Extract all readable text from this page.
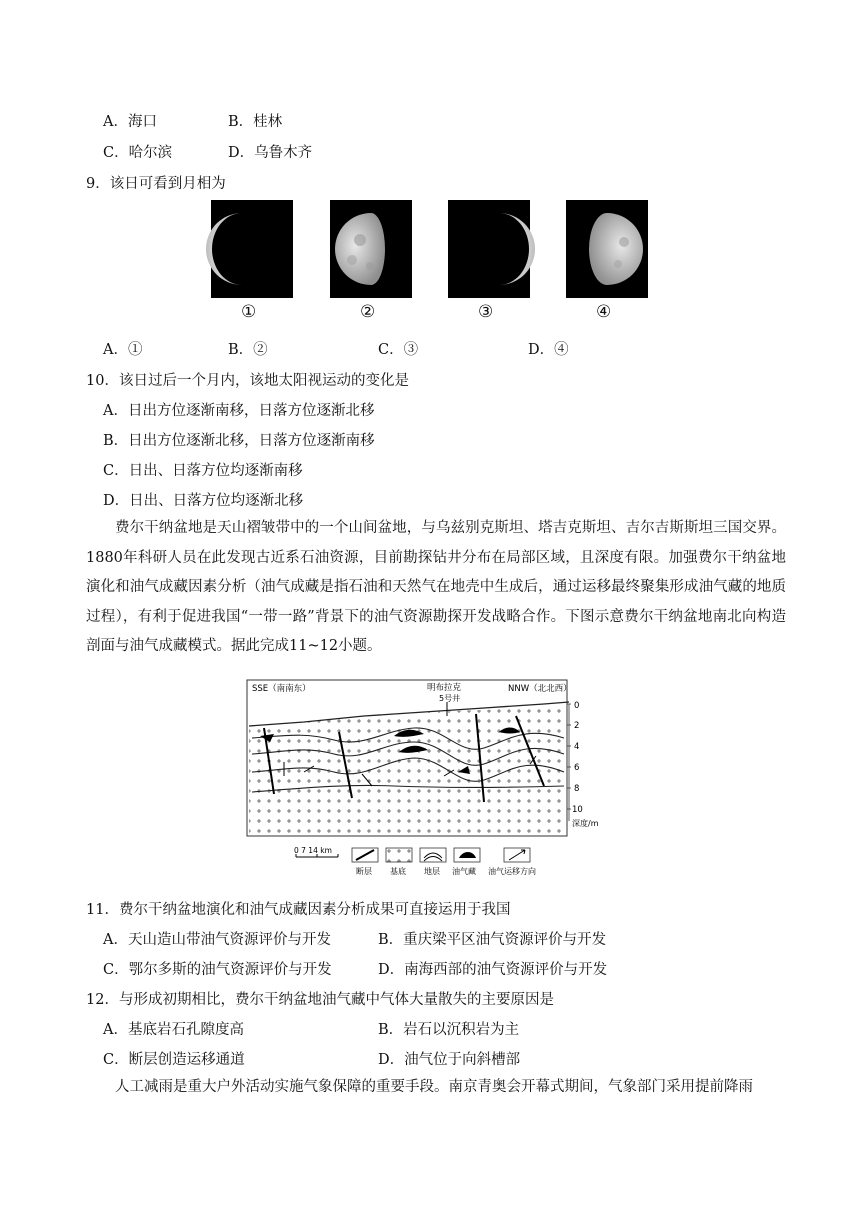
A．海口	B．桂林
C．哈尔滨	D．乌鲁木齐
9．该日可看到月相为
①	②	③	④
A．①	B．②	C．③	D．④
10．该日过后一个月内，该地太阳视运动的变化是
A．日出方位逐渐南移，日落方位逐渐北移
B．日出方位逐渐北移，日落方位逐渐南移
C．日出、日落方位均逐渐南移
D．日出、日落方位均逐渐北移
费尔干纳盆地是天山褶皱带中的一个山间盆地，与乌兹别克斯坦、塔吉克斯坦、吉尔吉斯斯坦三国交界。1880年科研人员在此发现古近系石油资源，目前勘探钻井分布在局部区域，且深度有限。加强费尔干纳盆地演化和油气成藏因素分析（油气成藏是指石油和天然气在地壳中生成后，通过运移最终聚集形成油气藏的地质过程），有利于促进我国“一带一路”背景下的油气资源勘探开发战略合作。下图示意费尔干纳盆地南北向构造剖面与油气成藏模式。据此完成11~12小题。
SSE（南南东）	明布拉克
5号井
NNW（北北西）
0
2
4
6
8
10
深度/m
0 7 14 km
断层 基底 地层 油气藏 油气运移方向
11．费尔干纳盆地演化和油气成藏因素分析成果可直接运用于我国
A．天山造山带油气资源评价与开发	B．重庆梁平区油气资源评价与开发
C．鄂尔多斯的油气资源评价与开发	D．南海西部的油气资源评价与开发
12．与形成初期相比，费尔干纳盆地油气藏中气体大量散失的主要原因是
A．基底岩石孔隙度高	B．岩石以沉积岩为主
C．断层创造运移通道	D．油气位于向斜槽部
人工减雨是重大户外活动实施气象保障的重要手段。南京青奥会开幕式期间，气象部门采用提前降雨
